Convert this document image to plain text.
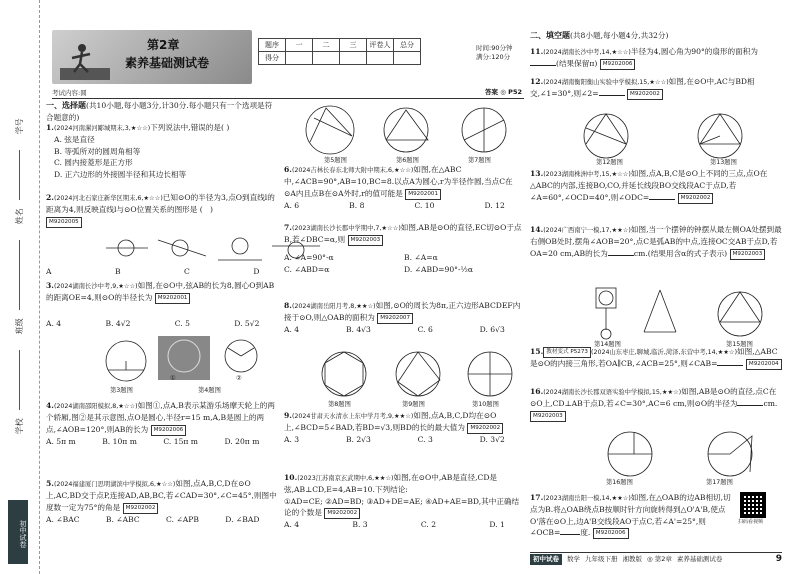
学号
姓名
班级
学校
初中试卷
第2章
素养基础测试卷
题序	一	二	三	评卷人	总分
得分					
时间:90分钟
满分:120分
考试内容:圆	答案 ◎ P52
一、选择题(共10小题,每小题3分,计30分.每小题只有一个选项是符合题意的)
1.(2024河南漯河郾城期末,3,★☆☆)下列说法中,错误的是( )
A. 弦是直径
B. 等弧所对的圆周角相等
C. 圆内接菱形是正方形
D. 正六边形的外接圆半径和其边长相等
2.(2024河北石家庄新华区期末,6,★☆☆)已知⊙O的半径为3,点O到直线l的距离为4,则反映直线l与⊙O位置关系的图形是 (   )
M9202005
A	B	C	D
3.(2024湖南长沙中考,9,★☆☆)如图,在⊙O中,弦AB的长为8,圆心O到AB的距离OE=4,则⊙O的半径长为 M9202001
A. 4	B. 4√2	C. 5	D. 5√2
第3题图
①	②
第4题图
4.(2024湖南邵阳模拟,8,★☆☆)如图①,点A,B表示某游乐场摩天轮上的两个轿厢,图②是其示意图,点O是圆心,半径r=15 m,A,B是圆上的两点,∠AOB=120°,则AB的长为 M9202006
A. 5π m	B. 10π m	C. 15π m	D. 20π m
5.(2024福建厦门思明湖滨中学模拟,6,★☆☆)如图,点A,B,C,D在⊙O上,AC,BD交于点P,连接AD,AB,BC,若∠CAD=30°,∠C=45°,则图中度数一定为75°的角是 M9202002
A. ∠BAC	B. ∠ABC	C. ∠APB	D. ∠BAD
第5题图	第6题图	第7题图
6.(2024吉林长春东北师大附中期末,6,★☆☆)如图,在△ABC中,∠ACB=90°,AB=10,BC=8.以点A为圆心,r为半径作圆,当点C在⊙A内且点B在⊙A外时,r的值可能是 M9202001
A. 6	B. 8	C. 10	D. 12
7.(2023湖南长沙长郡中学期中,7,★☆☆)如图,AB是⊙O的直径,EC切⊙O于点B,若∠DBC=α,则 M9202003
A. ∠A=90°-α	B. ∠A=α
C. ∠ABD=α	D. ∠ABD=90°-½α
8.(2024湖南岳阳月考,8,★★☆)如图,⊙O的周长为8π,正六边形ABCDEF内接于⊙O,则△OAB的面积为 M9202007
A. 4	B. 4√3	C. 6	D. 6√3
第8题图	第9题图	第10题图
9.(2024甘肃天水清水上东中学月考,9,★★☆)如图,点A,B,C,D均在⊙O上,∠BCD=5∠BAD,若BD=√3,则BD的长的最大值为 M9202002
A. 3	B. 2√3	C. 3	D. 3√2
10.(2023江苏南京玄武期中,6,★★☆)如图,在⊙O中,AB是直径,CD是弦,AB⊥CD,E=4,AB=10.下列结论:
①AD=CE; ②AD=BD; ③AD+DE=AE; ④AD+AE=BD,其中正确结论的个数是 M9202002
A. 4	B. 3	C. 2	D. 1
二、填空题(共8小题,每小题4分,共32分)
11.(2024湖南长沙中考,14,★☆☆)半径为4,圆心角为90°的扇形的面积为(结果保留π) M9202006
12.(2024湖南衡阳衡山实验中学模拟,15,★☆☆)如图,在⊙O中,AC与BD相交,∠1=30°,则∠2=	M9202002
第12题图	第13题图
13.(2023湖南株洲中考,15,★☆☆)如图,点A,B,C是⊙O上不同的三点,点O在△ABC的内部,连接BO,CO,并延长线段BO交线段AC于点D,若∠A=60°,∠OCD=40°,则∠ODC=	M9202002
14.(2024广西南宁一模,17,★★☆)如图,当一个摆钟的钟摆从最左侧OA处摆到最右侧OB处时,摆角∠AOB=20°,点C是弧AB的中点,连接OC交AB于点D,若OA=20 cm,AB的长为	cm.(结果用含α的式子表示) M9202003
第14题图	第15题图
15. 教材变式 P5273 (2024山东枣庄,聊城,临沂,菏泽,东营中考,14,★★☆)如图,△ABC是⊙O的内接三角形,若OA∥CB,∠ACB=25°,则∠CAB=	M9202004
16.(2024湖南长沙长郡双语实验中学模拟,15,★★☆)如图,AB是⊙O的直径,点C在⊙O上,CD⊥AB于点D,若∠C=30°,AC=6 cm,则⊙O的半径为	cm. M9202003
第16题图	第17题图
17.(2023湖南岳阳一模,14,★★☆)如图,在△OAB的边AB相切,切点为B.将△OAB绕点B按顺时针方向旋转得到△O'A'B,使点O'落在⊙O上,边A'B交线段AO于点C,若∠A'=25°,则∠OCB=	度. M9202006
扫码看视频
初中试卷	数学 九年级下册 湘教版 ◎ 第2章 素养基础测试卷	9
